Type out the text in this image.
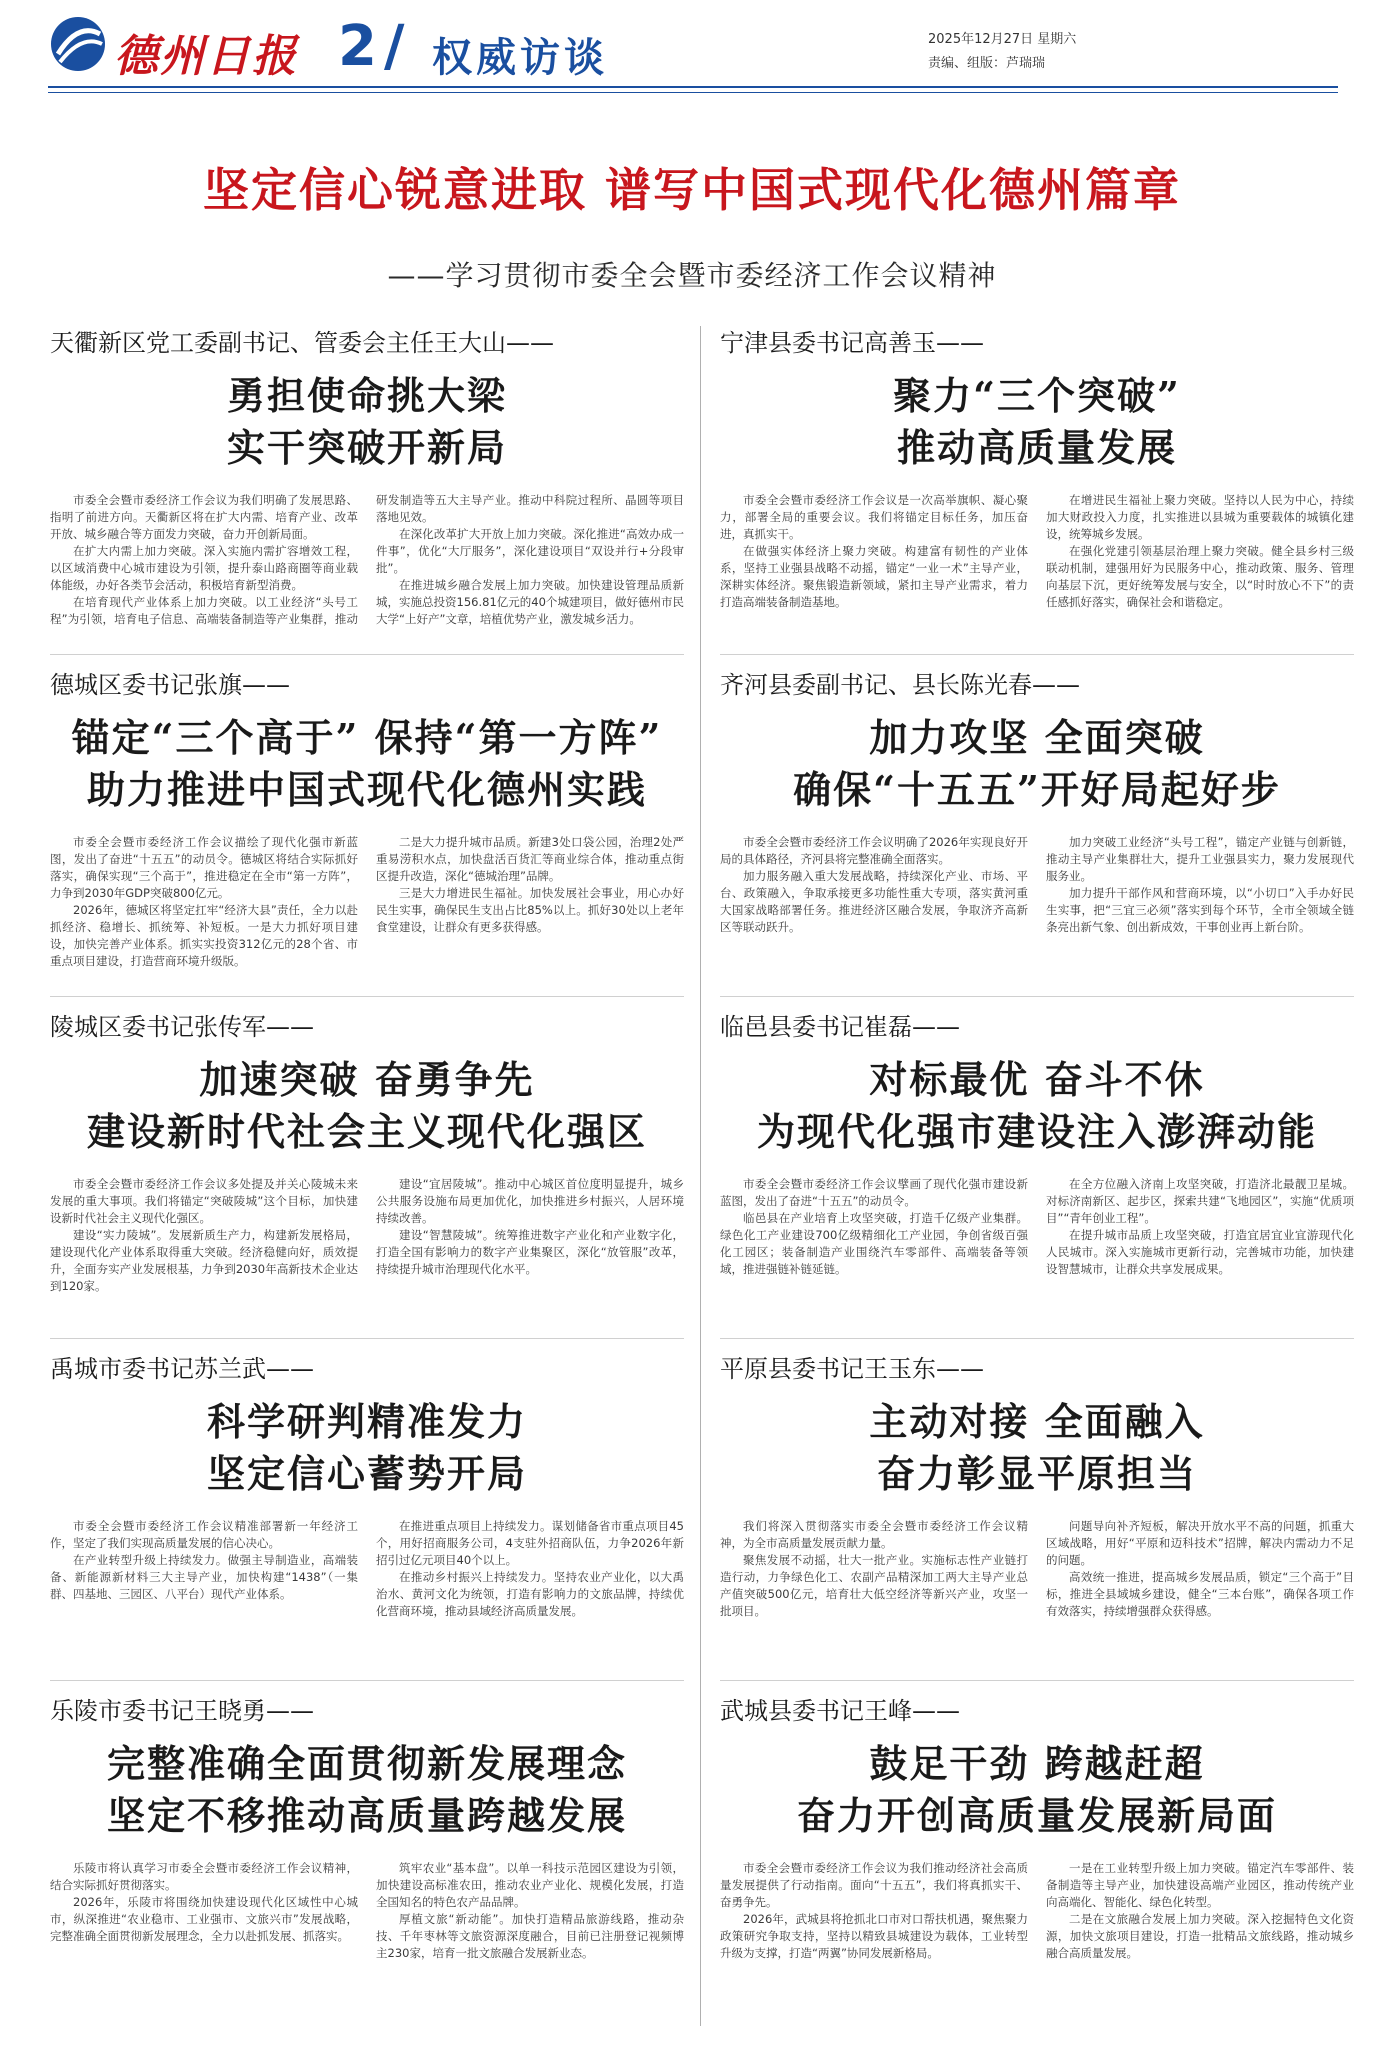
德州日报 2 / 权威访谈	2025年12月27日 星期六
责编、组版：芦瑞瑞
坚定信心锐意进取 谱写中国式现代化德州篇章
——学习贯彻市委全会暨市委经济工作会议精神
天衢新区党工委副书记、管委会主任王大山——
勇担使命挑大梁
实干突破开新局

市委全会暨市委经济工作会议为我们明确了发展思路、指明了前进方向。天衢新区将在扩大内需、培育产业、改革开放、城乡融合等方面发力突破，奋力开创新局面。

在扩大内需上加力突破。深入实施内需扩容增效工程，以区域消费中心城市建设为引领，提升泰山路商圈等商业载体能级，办好各类节会活动，积极培育新型消费。

在培育现代产业体系上加力突破。以工业经济“头号工程”为引领，培育电子信息、高端装备制造等产业集群，推动研发制造等五大主导产业。推动中科院过程所、晶圆等项目落地见效。

在深化改革扩大开放上加力突破。深化推进“高效办成一件事”，优化“大厅服务”，深化建设项目“双设并行+分段审批”。

在推进城乡融合发展上加力突破。加快建设管理品质新城，实施总投资156.81亿元的40个城建项目，做好德州市民大学“上好产”文章，培植优势产业，激发城乡活力。

宁津县委书记高善玉——
聚力“三个突破”
推动高质量发展

市委全会暨市委经济工作会议是一次高举旗帜、凝心聚力，部署全局的重要会议。我们将锚定目标任务，加压奋进，真抓实干。

在做强实体经济上聚力突破。构建富有韧性的产业体系，坚持工业强县战略不动摇，锚定“一业一术”主导产业，深耕实体经济。聚焦锻造新领域，紧扣主导产业需求，着力打造高端装备制造基地。

在增进民生福祉上聚力突破。坚持以人民为中心，持续加大财政投入力度，扎实推进以县城为重要载体的城镇化建设，统筹城乡发展。

在强化党建引领基层治理上聚力突破。健全县乡村三级联动机制，建强用好为民服务中心，推动政策、服务、管理向基层下沉，更好统筹发展与安全，以“时时放心不下”的责任感抓好落实，确保社会和谐稳定。

德城区委书记张旗——
锚定“三个高于” 保持“第一方阵”
助力推进中国式现代化德州实践

市委全会暨市委经济工作会议描绘了现代化强市新蓝图，发出了奋进“十五五”的动员令。德城区将结合实际抓好落实，确保实现“三个高于”，推进稳定在全市“第一方阵”，力争到2030年GDP突破800亿元。

2026年，德城区将坚定扛牢“经济大县”责任，全力以赴抓经济、稳增长、抓统筹、补短板。一是大力抓好项目建设，加快完善产业体系。抓实实投资312亿元的28个省、市重点项目建设，打造营商环境升级版。

二是大力提升城市品质。新建3处口袋公园，治理2处严重易涝积水点，加快盘活百货汇等商业综合体，推动重点街区提升改造，深化“德城治理”品牌。

三是大力增进民生福祉。加快发展社会事业，用心办好民生实事，确保民生支出占比85%以上。抓好30处以上老年食堂建设，让群众有更多获得感。

齐河县委副书记、县长陈光春——
加力攻坚 全面突破
确保“十五五”开好局起好步

市委全会暨市委经济工作会议明确了2026年实现良好开局的具体路径，齐河县将完整准确全面落实。

加力服务融入重大发展战略，持续深化产业、市场、平台、政策融入，争取承接更多功能性重大专项，落实黄河重大国家战略部署任务。推进经济区融合发展，争取济齐高新区等联动跃升。

加力突破工业经济“头号工程”，锚定产业链与创新链，推动主导产业集群壮大，提升工业强县实力，聚力发展现代服务业。

加力提升干部作风和营商环境，以“小切口”入手办好民生实事，把“三宜三必须”落实到每个环节，全市全领域全链条亮出新气象、创出新成效，干事创业再上新台阶。

陵城区委书记张传军——
加速突破 奋勇争先
建设新时代社会主义现代化强区

市委全会暨市委经济工作会议多处提及并关心陵城未来发展的重大事项。我们将锚定“突破陵城”这个目标，加快建设新时代社会主义现代化强区。

建设“实力陵城”。发展新质生产力，构建新发展格局，建设现代化产业体系取得重大突破。经济稳健向好，质效提升，全面夯实产业发展根基，力争到2030年高新技术企业达到120家。

建设“宜居陵城”。推动中心城区首位度明显提升，城乡公共服务设施布局更加优化，加快推进乡村振兴，人居环境持续改善。

建设“智慧陵城”。统筹推进数字产业化和产业数字化，打造全国有影响力的数字产业集聚区，深化“放管服”改革，持续提升城市治理现代化水平。

临邑县委书记崔磊——
对标最优 奋斗不休
为现代化强市建设注入澎湃动能

市委全会暨市委经济工作会议擘画了现代化强市建设新蓝图，发出了奋进“十五五”的动员令。

临邑县在产业培育上攻坚突破，打造千亿级产业集群。绿色化工产业建设700亿级精细化工产业园，争创省级百强化工园区；装备制造产业围绕汽车零部件、高端装备等领域，推进强链补链延链。

在全方位融入济南上攻坚突破，打造济北最靓卫星城。对标济南新区、起步区，探索共建“飞地园区”，实施“优质项目”“青年创业工程”。

在提升城市品质上攻坚突破，打造宜居宜业宜游现代化人民城市。深入实施城市更新行动，完善城市功能，加快建设智慧城市，让群众共享发展成果。

禹城市委书记苏兰武——
科学研判精准发力
坚定信心蓄势开局

市委全会暨市委经济工作会议精准部署新一年经济工作，坚定了我们实现高质量发展的信心决心。

在产业转型升级上持续发力。做强主导制造业，高端装备、新能源新材料三大主导产业，加快构建“1438”（一集群、四基地、三园区、八平台）现代产业体系。

在推进重点项目上持续发力。谋划储备省市重点项目45个，用好招商服务公司，4支驻外招商队伍，力争2026年新招引过亿元项目40个以上。

在推动乡村振兴上持续发力。坚持农业产业化，以大禹治水、黄河文化为统领，打造有影响力的文旅品牌，持续优化营商环境，推动县域经济高质量发展。

平原县委书记王玉东——
主动对接 全面融入
奋力彰显平原担当

我们将深入贯彻落实市委全会暨市委经济工作会议精神，为全市高质量发展贡献力量。

聚焦发展不动摇，壮大一批产业。实施标志性产业链打造行动，力争绿色化工、农副产品精深加工两大主导产业总产值突破500亿元，培育壮大低空经济等新兴产业，攻坚一批项目。

问题导向补齐短板，解决开放水平不高的问题，抓重大区域战略，用好“平原和迈科技术”招牌，解决内需动力不足的问题。

高效统一推进，提高城乡发展品质，锁定“三个高于”目标，推进全县域城乡建设，健全“三本台账”，确保各项工作有效落实，持续增强群众获得感。

乐陵市委书记王晓勇——
完整准确全面贯彻新发展理念
坚定不移推动高质量跨越发展

乐陵市将认真学习市委全会暨市委经济工作会议精神，结合实际抓好贯彻落实。

2026年，乐陵市将围绕加快建设现代化区域性中心城市，纵深推进“农业稳市、工业强市、文旅兴市”发展战略，完整准确全面贯彻新发展理念，全力以赴抓发展、抓落实。

筑牢农业“基本盘”。以单一科技示范园区建设为引领，加快建设高标准农田，推动农业产业化、规模化发展，打造全国知名的特色农产品品牌。

厚植文旅“新动能”。加快打造精品旅游线路，推动杂技、千年枣林等文旅资源深度融合，目前已注册登记视频博主230家，培育一批文旅融合发展新业态。

武城县委书记王峰——
鼓足干劲 跨越赶超
奋力开创高质量发展新局面

市委全会暨市委经济工作会议为我们推动经济社会高质量发展提供了行动指南。面向“十五五”，我们将真抓实干、奋勇争先。

2026年，武城县将抢抓北口市对口帮扶机遇，聚焦聚力政策研究争取支持，坚持以精致县城建设为载体，工业转型升级为支撑，打造“两翼”协同发展新格局。

一是在工业转型升级上加力突破。锚定汽车零部件、装备制造等主导产业，加快建设高端产业园区，推动传统产业向高端化、智能化、绿色化转型。

二是在文旅融合发展上加力突破。深入挖掘特色文化资源，加快文旅项目建设，打造一批精品文旅线路，推动城乡融合高质量发展。
